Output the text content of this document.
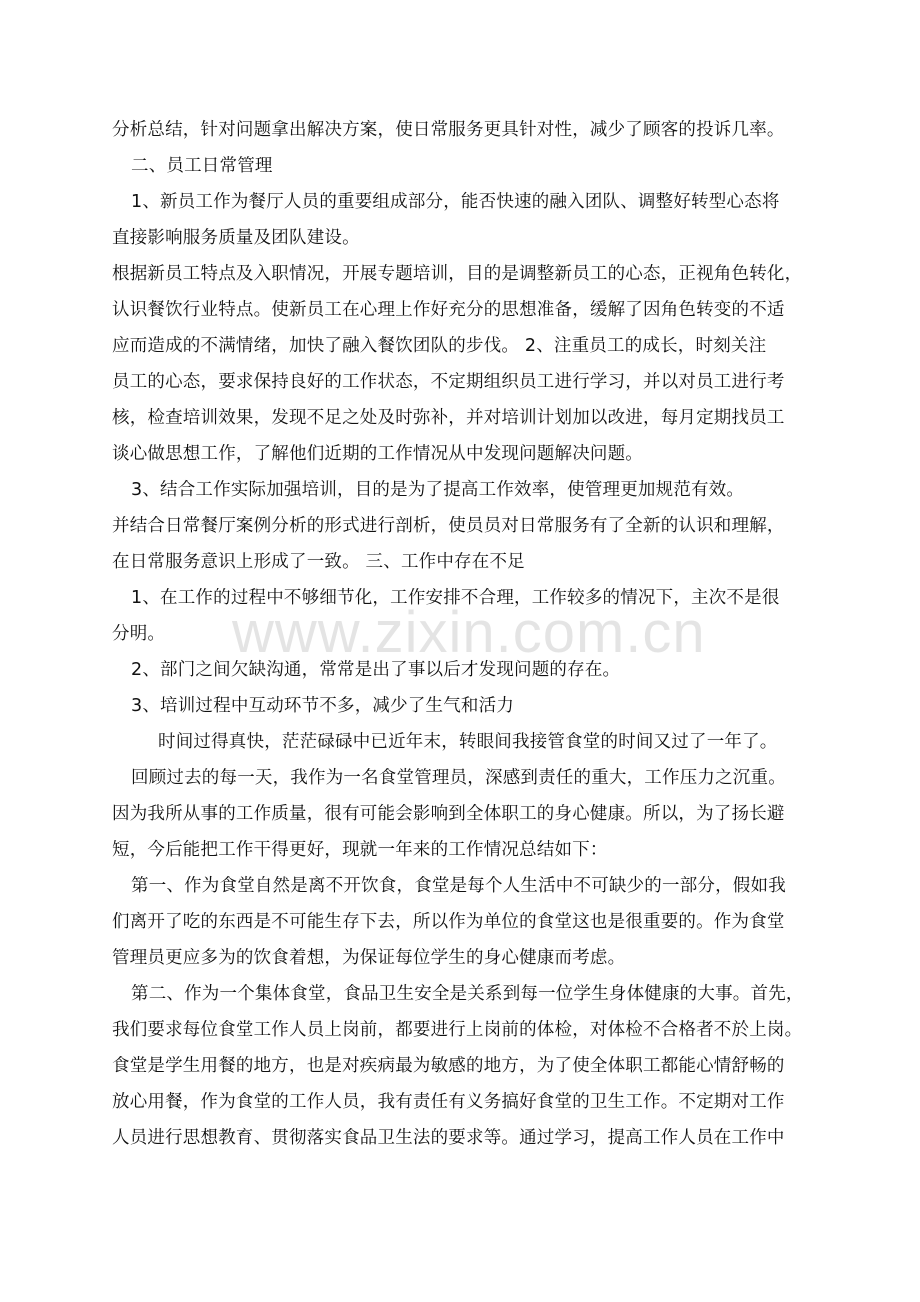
分析总结，针对问题拿出解决方案，使日常服务更具针对性，减少了顾客的投诉几率。
二、员工日常管理
1、新员工作为餐厅人员的重要组成部分，能否快速的融入团队、调整好转型心态将
直接影响服务质量及团队建设。
根据新员工特点及入职情况，开展专题培训，目的是调整新员工的心态，正视角色转化，
认识餐饮行业特点。使新员工在心理上作好充分的思想准备，缓解了因角色转变的不适
应而造成的不满情绪，加快了融入餐饮团队的步伐。 2、注重员工的成长，时刻关注
员工的心态，要求保持良好的工作状态，不定期组织员工进行学习，并以对员工进行考
核，检查培训效果，发现不足之处及时弥补，并对培训计划加以改进，每月定期找员工
谈心做思想工作，了解他们近期的工作情况从中发现问题解决问题。
3、结合工作实际加强培训，目的是为了提高工作效率，使管理更加规范有效。
并结合日常餐厅案例分析的形式进行剖析，使员员对日常服务有了全新的认识和理解，
在日常服务意识上形成了一致。 三、工作中存在不足
1、在工作的过程中不够细节化，工作安排不合理，工作较多的情况下，主次不是很
分明。
2、部门之间欠缺沟通，常常是出了事以后才发现问题的存在。
3、培训过程中互动环节不多，减少了生气和活力
时间过得真快，茫茫碌碌中已近年末，转眼间我接管食堂的时间又过了一年了。
回顾过去的每一天，我作为一名食堂管理员，深感到责任的重大，工作压力之沉重。
因为我所从事的工作质量，很有可能会影响到全体职工的身心健康。所以，为了扬长避
短，今后能把工作干得更好，现就一年来的工作情况总结如下：
第一、作为食堂自然是离不开饮食，食堂是每个人生活中不可缺少的一部分，假如我
们离开了吃的东西是不可能生存下去，所以作为单位的食堂这也是很重要的。作为食堂
管理员更应多为的饮食着想，为保证每位学生的身心健康而考虑。
第二、作为一个集体食堂，食品卫生安全是关系到每一位学生身体健康的大事。首先，
我们要求每位食堂工作人员上岗前，都要进行上岗前的体检，对体检不合格者不於上岗。
食堂是学生用餐的地方，也是对疾病最为敏感的地方，为了使全体职工都能心情舒畅的
放心用餐，作为食堂的工作人员，我有责任有义务搞好食堂的卫生工作。不定期对工作
人员进行思想教育、贯彻落实食品卫生法的要求等。通过学习，提高工作人员在工作中
www.zixin.com.cn
